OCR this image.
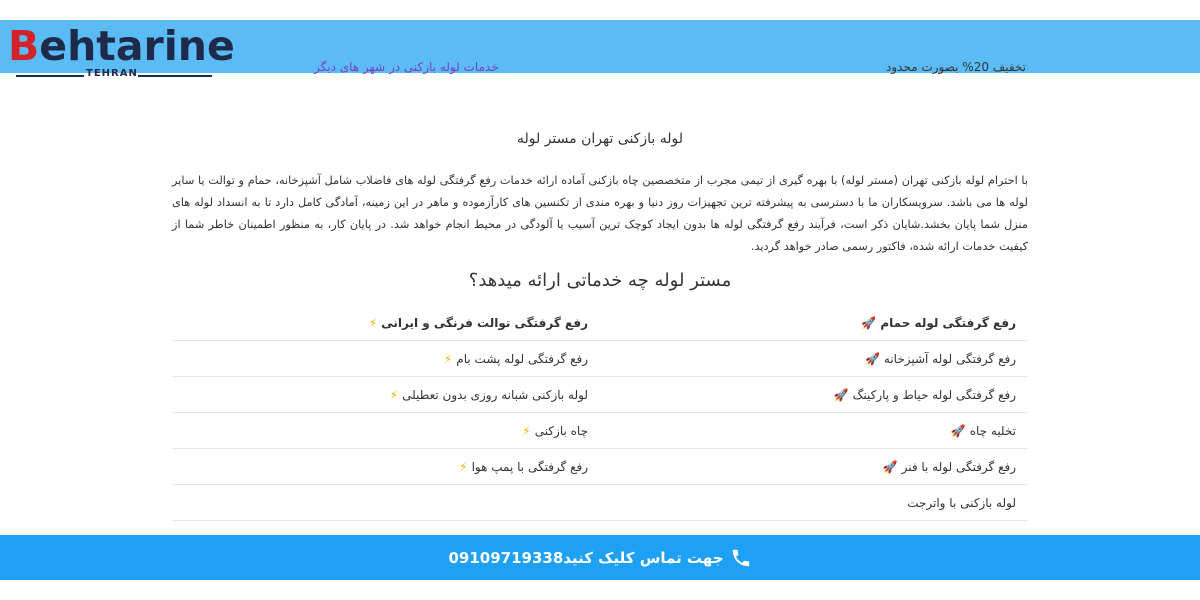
Behtarine
TEHRAN	خدمات لوله بازکنی در شهر های دیگر	تخفیف 20% بصورت محدود
لوله بازکنی تهران مستر لوله

با احترام لوله بازکنی تهران (مستر لوله) با بهره گیری از تیمی مجرب از متخصصین چاه بازکنی آماده ارائه خدمات رفع گرفتگی لوله های فاضلاب شامل آشپزخانه، حمام و توالت یا سایر لوله ها می باشد. سرویسکاران ما با دسترسی به پیشرفته ترین تجهیزات روز دنیا و بهره مندی از تکنسین های کارآزموده و ماهر در این زمینه، آمادگی کامل دارد تا به انسداد لوله های منزل شما پایان بخشد.شایان ذکر است، فرآیند رفع گرفتگی لوله ها بدون ایجاد کوچک ترین آسیب یا آلودگی در محیط انجام خواهد شد. در پایان کار، به منظور اطمینان خاطر شما از کیفیت خدمات ارائه شده، فاکتور رسمی صادر خواهد گردید.

مستر لوله چه خدماتی ارائه میدهد؟
رفع گرفتگی لوله حمام🚀
رفع گرفتگی توالت فرنگی و ایرانی⚡
رفع گرفتگی لوله آشپزخانه🚀
رفع گرفتگی لوله پشت بام⚡
رفع گرفتگی لوله حیاط و پارکینگ🚀
لوله بازکنی شبانه روزی بدون تعطیلی⚡
تخلیه چاه🚀
چاه بازکنی⚡
رفع گرفتگی لوله با فنر🚀
رفع گرفتگی با پمپ هوا⚡
لوله بازکنی با واترجت
جهت تماس کلیک کنید09109719338
